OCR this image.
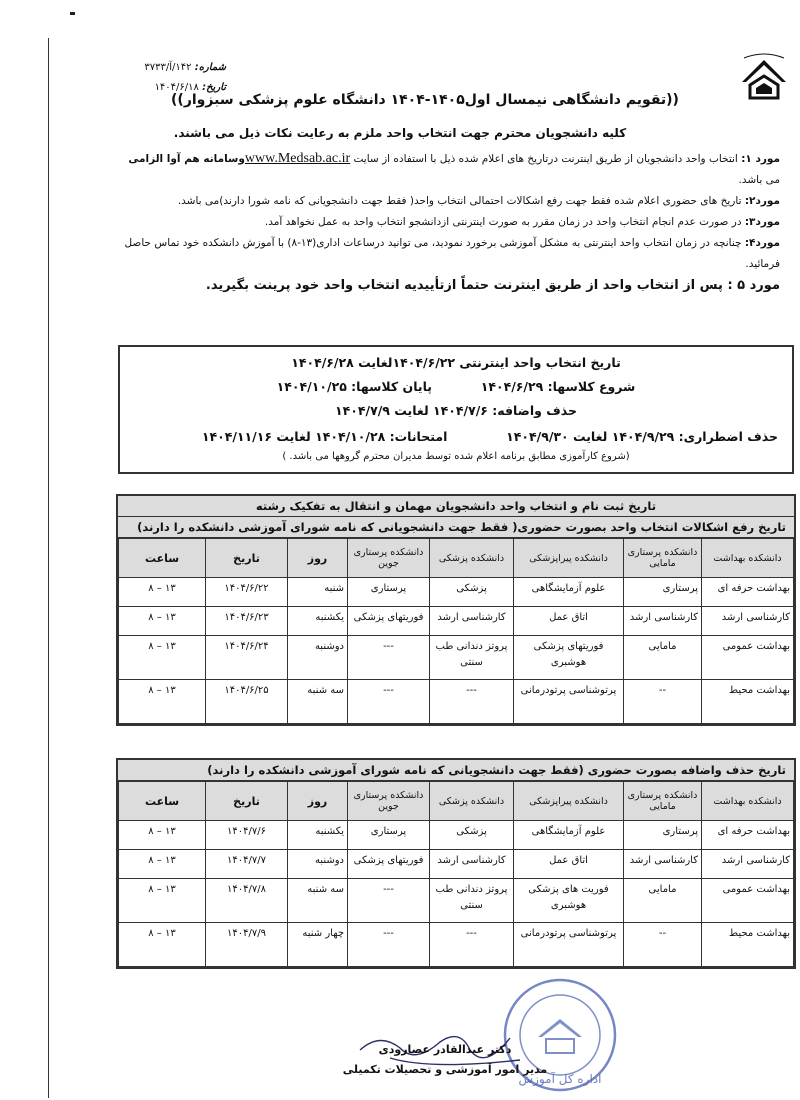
شماره: ۱۴۲/آ/۳۷۳۳
تاریخ: ۱۴۰۴/۶/۱۸
((تقویم دانشگاهی نیمسال اول۱۴۰۵-۱۴۰۴ دانشگاه علوم پزشکی سبزوار))
کلیه دانشجویان محترم جهت انتخاب واحد ملزم به رعایت نکات ذیل می باشند.
مورد ۱: انتخاب واحد دانشجویان از طریق اینترنت درتاریخ های اعلام شده ذیل با استفاده از سایت www.Medsab.ac.irوسامانه هم آوا الزامی
می باشد.
مورد۲: تاریخ های حضوری اعلام شده فقط جهت رفع اشکالات احتمالی انتخاب واحد( فقط جهت دانشجویانی که نامه شورا دارند)می باشد.
مورد۳: در صورت عدم انجام انتخاب واحد در زمان مقرر به صورت اینترنتی ازدانشجو انتخاب واحد به عمل نخواهد آمد.
مورد۴: چنانچه در زمان انتخاب واحد اینترنتی به مشکل آموزشی برخورد نمودید، می توانید درساعات اداری(۱۳-۸) با آموزش دانشکده خود تماس حاصل
فرمائید.
مورد ۵ : پس از انتخاب واحد از طریق اینترنت حتماً ازتأییدیه انتخاب واحد خود پرینت بگیرید.
تاریخ انتخاب واحد اینترنتی ۱۴۰۴/۶/۲۲لغایت ۱۴۰۴/۶/۲۸
شروع کلاسها: ۱۴۰۴/۶/۲۹  پایان کلاسها: ۱۴۰۴/۱۰/۲۵
حذف واضافه: ۱۴۰۴/۷/۶ لغایت ۱۴۰۴/۷/۹
حذف اضطراری: ۱۴۰۴/۹/۲۹ لغایت ۱۴۰۴/۹/۳۰  امتحانات: ۱۴۰۴/۱۰/۲۸ لغایت ۱۴۰۴/۱۱/۱۶
(شروع کارآموزی مطابق برنامه اعلام شده توسط مدیران محترم گروهها می باشد. )
تاریخ ثبت نام و انتخاب واحد دانشجویان مهمان و انتقال به تفکیک رشته
تاریخ رفع اشکالات انتخاب واحد بصورت حضوری( فقط جهت دانشجویانی که نامه شورای آموزشی دانشکده را دارند)
دانشکده بهداشت	دانشکده پرستاری مامایی	دانشکده پیراپزشکی	دانشکده پزشکی	دانشکده پرستاری جوین	روز	تاریخ	ساعت
بهداشت حرفه ای	پرستاری	علوم آزمایشگاهی	پزشکی	پرستاری	شنبه	۱۴۰۴/۶/۲۲	۱۳ – ۸
کارشناسی ارشد	کارشناسی ارشد	اتاق عمل	کارشناسی ارشد	فوریتهای پزشکی	یکشنبه	۱۴۰۴/۶/۲۳	۱۳ – ۸
بهداشت عمومی	مامایی	فوریتهای پزشکی هوشبری	پروتز دندانی طب سنتی	---	دوشنبه	۱۴۰۴/۶/۲۴	۱۳ – ۸
بهداشت محیط	--	پرتوشناسی پرتودرمانی	---	---	سه شنبه	۱۴۰۴/۶/۲۵	۱۳ – ۸
تاریخ حذف واضافه بصورت حضوری (فقط جهت دانشجویانی که نامه شورای آموزشی دانشکده را دارند)
دانشکده بهداشت	دانشکده پرستاری مامایی	دانشکده پیراپزشکی	دانشکده پزشکی	دانشکده پرستاری جوین	روز	تاریخ	ساعت
بهداشت حرفه ای	پرستاری	علوم آزمایشگاهی	پزشکی	پرستاری	یکشنبه	۱۴۰۴/۷/۶	۱۳ – ۸
کارشناسی ارشد	کارشناسی ارشد	اتاق عمل	کارشناسی ارشد	فوریتهای پزشکی	دوشنبه	۱۴۰۴/۷/۷	۱۳ – ۸
بهداشت عمومی	مامایی	فوریت های پزشکی هوشبری	پروتز دندانی طب سنتی	---	سه شنبه	۱۴۰۴/۷/۸	۱۳ – ۸
بهداشت محیط	--	پرتوشناسی پرتودرمانی	---	---	چهار شنبه	۱۴۰۴/۷/۹	۱۳ – ۸
اداره کل آموزش
دکتر عبدالقادر عصارودی
مدیر امور آموزشی و تحصیلات تکمیلی
